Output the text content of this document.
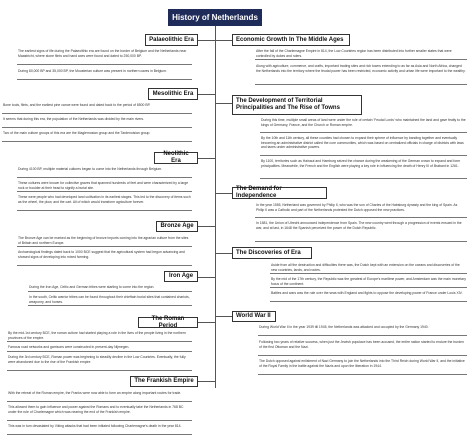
History of Netherlands
Palaeolithic Era
The earliest signs of life during the Palaeolithic era are found on the border of Belgium and the Netherlands near Maastricht, where stone flints and hand axes were found and dated to 250,000 BP.
During 80,000 BP and 35,000 BP, the Mousterian culture was present in northern caves in Belgium.
Mesolithic Era
Bone tools, flints, and the earliest pine canoe were found and dated back to the period of 8500 BP.
It seems that during this era, the population of the Netherlands was divided by the main rivers.
Two of the main culture groups of this era are the Maglemosian group and the Tardenoisian group.
Neolithic Era
During 4100 BP, multiple material cultures began to come into the Netherlands through Belgium.
These cultures were known for collective graves that spanned hundreds of feet and were characterized by a large rock or boulder at their head to signify a burial site.
These were people who had developed land cultivation in its earliest stages. This led to the discovery of items such as the wheel, the plow, and the cart. All of which would transform agriculture forever.
Bronze Age
The Bronze Age can be marked as the beginning of bronze imports coming into the agrarian culture from the sites of Britain and northern Europe.
Archaeological findings dated back to 1000 BCE suggest that the agricultural system had begun advancing and showed signs of developing into mixed farming.
Iron Age
During the Iron Age, Celtic and German tribes were starting to come into the region.
In the south, Celtic warrior tribes can be found throughout their chieftain burial sites that contained chariots, weaponry, and horses.
The Roman Period
By the mid-1st century BCE, the roman culture had started playing a role in the lives of the people living in the northern provinces of the empire.
Famous road networks and garrisons were constructed in present-day Nijmegen.
During the 3rd century BCE, Roman power was beginning to steadily decline in the Low Countries. Eventually, the fully were abandoned due to the rise of the Frankish empire.
The Frankish Empire
With the retreat of the Roman empire, the Franks were now able to form an empire along important routes for trade.
This allowed them to gain influence and power against the Romans and to eventually take the Netherlands in 768 BC under the rule of Charlemagne which was nearing the end of the Frankish empire.
This was in turn devastated by Viking attacks that had been initiated following Charlemagne's death in the year 814.
Economic Growth In The Middle Ages
After the fall of the Charlemagne Empire in 814, the Low Countries region has been distributed into further smaller states that were controlled by dukes and rulers.
Along with agriculture, commerce, and crafts, important trading sites and rich towns extending to as far as Asia and North Africa, changed the Netherlands into the territory where the feudal power has been restricted, economic activity and urban life were important to the wealthy.
The Development of Territorial Principalities and The Rise of Towns
During this time, multiple small areas of land were under the rule of certain 'Feudal Lords' who maintained the land and gave fealty to the kings of Germany, France, and the Church or Roman empire.
By the 10th and 11th century, all these counties had chosen to expand their sphere of influence by banding together and eventually becoming an administrative district called the core communities, which was based on centralized officials in charge of districts with laws and taxes under administrative powers.
By 1100, territories such as Hainaut and Hamburg seized the chance during the weakening of the German crown to expand and form principalities. Meanwhile, the French and the English were playing a key role in influencing the death of Henry III of Brabant in 1261.
The Demand for Independence
In the year 1555, Netherland was governed by Philip II, who was the son of Charles of the Habsburg dynasty and the king of Spain. As Philip II was a Catholic and part of the Netherlands protested the Dutch opposed the new practices.
In 1581, the Union of Utrecht announced independence from Spain. The new country went through a progression of events ensued in the war, and at last, in 1648 the Spanish perceived the power of the Dutch Republic.
The Discoveries of Era
Aside from all the destruction and difficulties there was, the Dutch kept with an extension on the oceans and discoveries of the new countries, lands, and routes.
By the mid of the 17th century, the Republic was the greatest of Europe's maritime power, and Amsterdam was the main monetary focus of the continent.
Battles and wars was the rule over the seas with England and fights to oppose the developing power of France under Louis XIV.
World War II
During World War II in the year 1939 till 1945, the Netherlands was attacked and occupied by the Germany 1940.
Following two years of relative success, when just the Jewish populace has been accused, the entire nation started to endure the burden of the first Ottoman and the Nazi.
The Dutch opposed against enlistment of Nazi Germany to join the Netherlands into the Third Reich during World War II, and the initiative of the Royal Family in the battle against the Nazis and upon the liberation in 1944.
